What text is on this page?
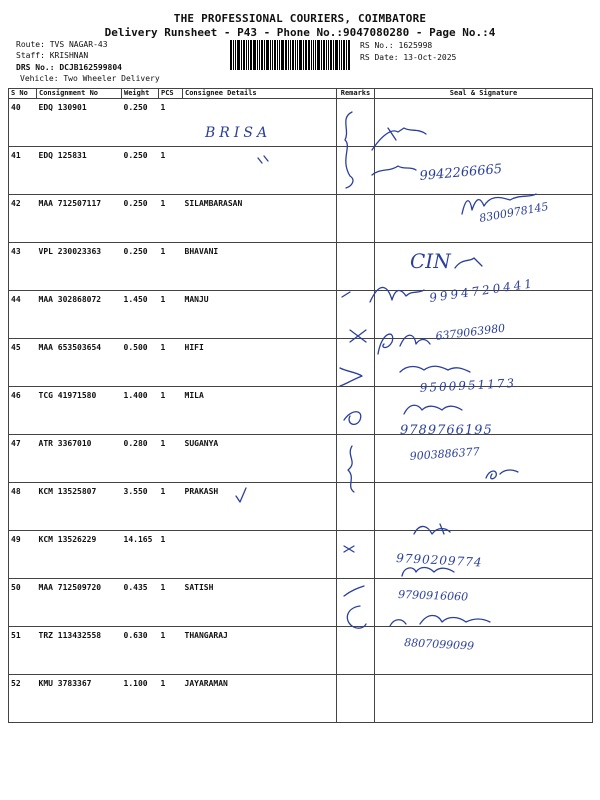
THE PROFESSIONAL COURIERS, COIMBATORE
Delivery Runsheet - P43 - Phone No.:9047080280 - Page No.:4
Route: TVS NAGAR-43
Staff: KRISHNAN
DRS No.: DCJB162599804
Vehicle: Two Wheeler Delivery
RS No.: 1625998
RS Date: 13-Oct-2025
S No	Consignment No	Weight	PCS	Consignee Details	Remarks	Seal & Signature
40	EDQ 130901	0.250	1			
41	EDQ 125831	0.250	1			
42	MAA 712507117	0.250	1	SILAMBARASAN		
43	VPL 230023363	0.250	1	BHAVANI		
44	MAA 302868072	1.450	1	MANJU		
45	MAA 653503654	0.500	1	HIFI		
46	TCG 41971580	1.400	1	MILA		
47	ATR 3367010	0.280	1	SUGANYA		
48	KCM 13525807	3.550	1	PRAKASH		
49	KCM 13526229	14.165	1			
50	MAA 712509720	0.435	1	SATISH		
51	TRZ 113432558	0.630	1	THANGARAJ		
52	KMU 3783367	1.100	1	JAYARAMAN		
BRISA
9942266665
8300978145
CIN
9994720441
6379063980
9500951173
9789766195
9003886377
9790209774
9790916060
8807099099
